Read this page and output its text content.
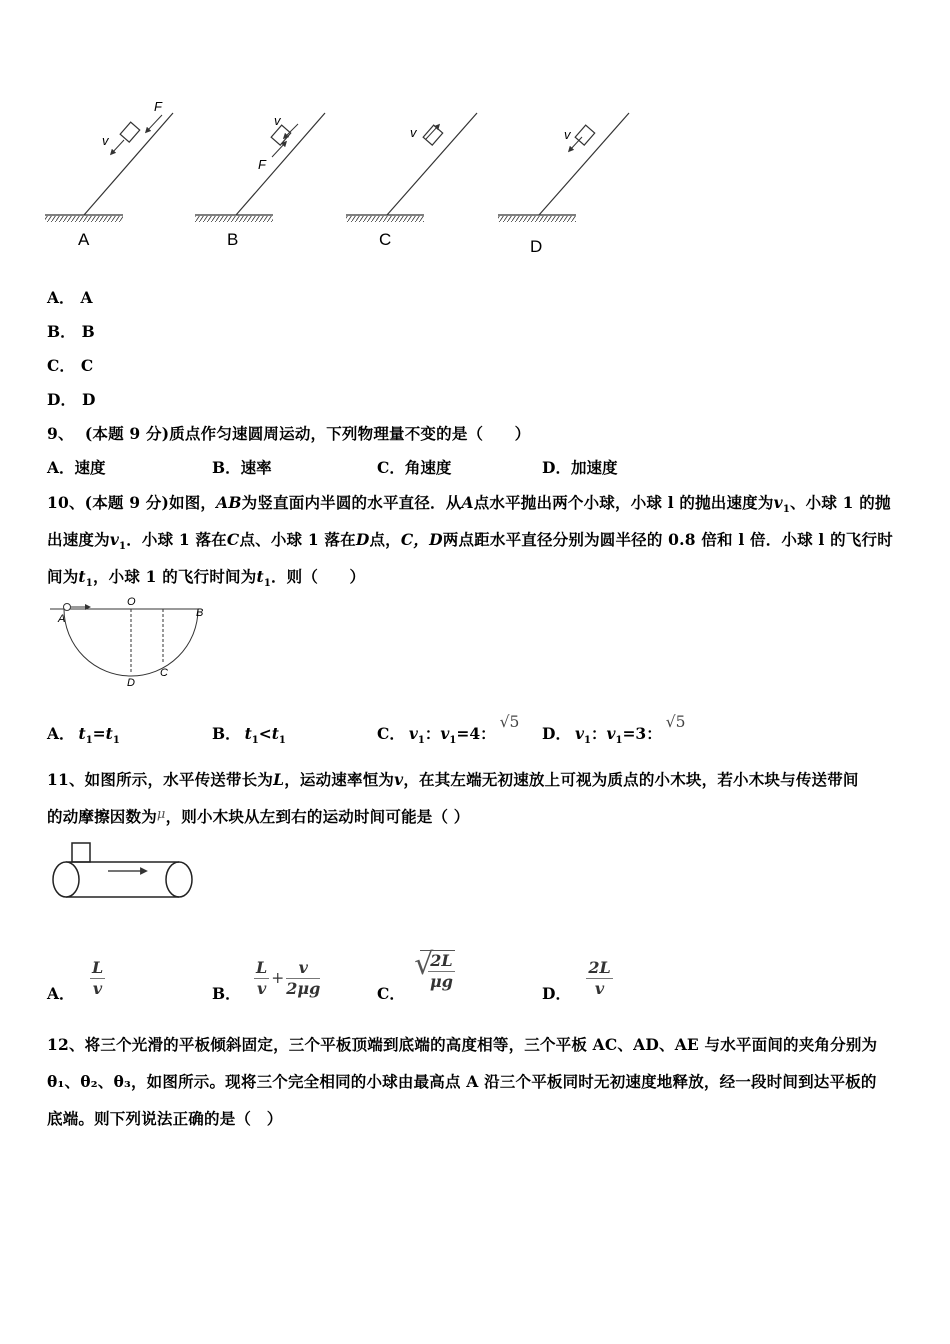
F
v
A
v
F
B
v
C
v
D
A． A
B． B
C． C
D． D
9、 (本题 9 分)质点作匀速圆周运动，下列物理量不变的是（　　）
A．速度	B．速率	C．角速度	D．加速度
10、(本题 9 分)如图，AB为竖直面内半圆的水平直径．从A点水平抛出两个小球，小球 l 的抛出速度为$v_1$、小球 1 的抛
出速度为$v_1$．小球 1 落在C点、小球 1 落在D点，C，D两点距水平直径分别为圆半径的 0.8 倍和 l 倍．小球 l 的飞行时
间为$t_1$，小球 1 的飞行时间为$t_1$．则（　　）
A
O
B
C
D
A． $t_1=t_1$	B． $t_1<t_1$	C． $v_1$：$v_1=4$：√5
D． $v_1$：$v_1=3$：√5
11、如图所示，水平传送带长为L，运动速率恒为v，在其左端无初速放上可视为质点的小木块，若小木块与传送带间
的动摩擦因数为$^\mu$，则小木块从左到右的运动时间可能是（ ）
A． $\frac{L}{v}$	B． $\frac{L}{v} + \frac{v}{2\mu g}$	C．
√
$\frac{2L}{\mu g}$
D． $\frac{2L}{v}$
12、将三个光滑的平板倾斜固定，三个平板顶端到底端的高度相等，三个平板 AC、AD、AE 与水平面间的夹角分别为
θ₁、θ₂、θ₃，如图所示。现将三个完全相同的小球由最高点 A 沿三个平板同时无初速度地释放，经一段时间到达平板的
底端。则下列说法正确的是（　）
